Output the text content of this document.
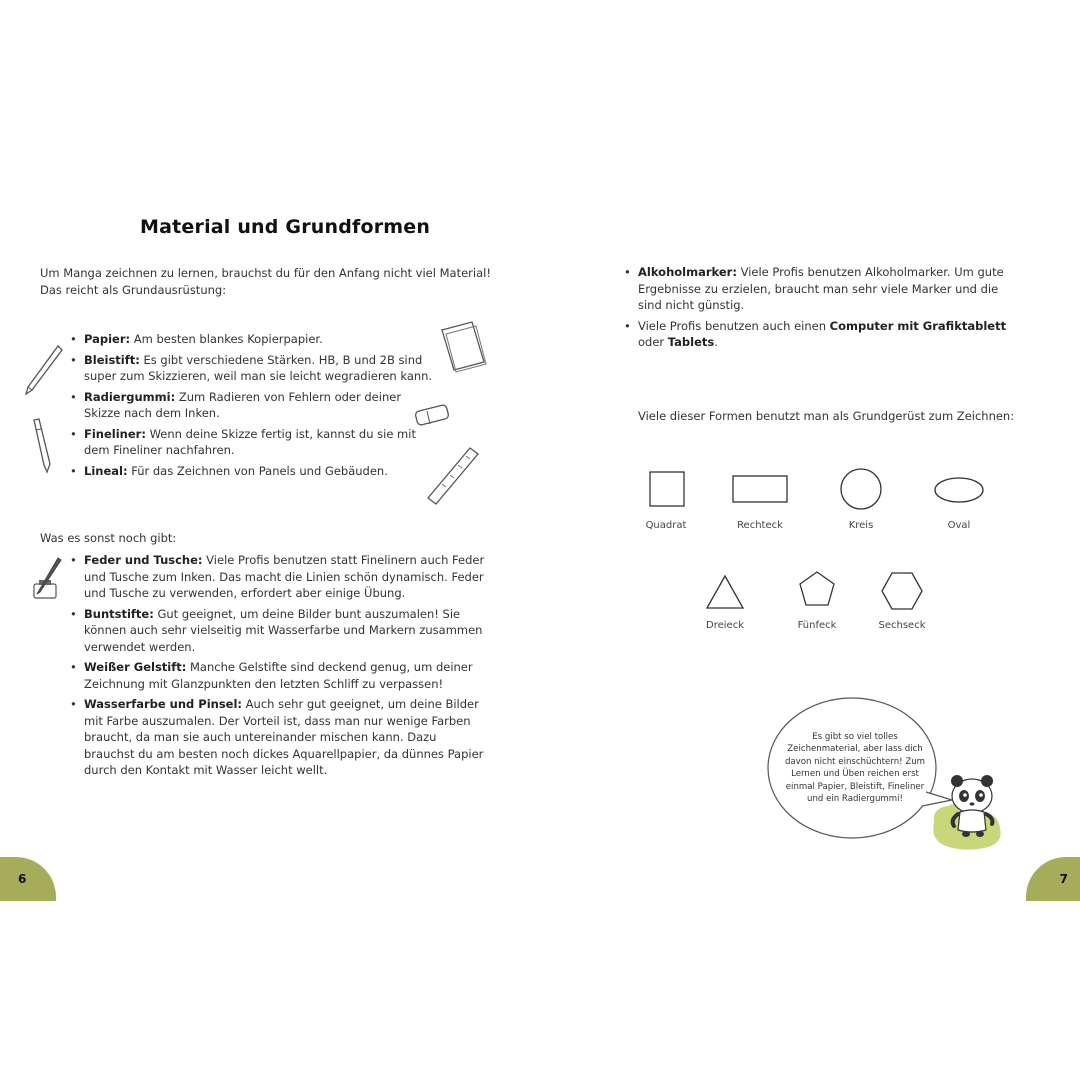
Material und Grundformen
Um Manga zeichnen zu lernen, brauchst du für den Anfang nicht viel Material! Das reicht als Grundausrüstung:
• Papier: Am besten blankes Kopierpapier.
• Bleistift: Es gibt verschiedene Stärken. HB, B und 2B sind super zum Skizzieren, weil man sie leicht wegradieren kann.
• Radiergummi: Zum Radieren von Fehlern oder deiner Skizze nach dem Inken.
• Fineliner: Wenn deine Skizze fertig ist, kannst du sie mit dem Fineliner nachfahren.
• Lineal: Für das Zeichnen von Panels und Gebäuden.
Was es sonst noch gibt:
• Feder und Tusche: Viele Profis benutzen statt Finelinern auch Feder und Tusche zum Inken. Das macht die Linien schön dynamisch. Feder und Tusche zu verwenden, erfordert aber einige Übung.
• Buntstifte: Gut geeignet, um deine Bilder bunt auszumalen! Sie können auch sehr vielseitig mit Wasserfarbe und Markern zusammen verwendet werden.
• Weißer Gelstift: Manche Gelstifte sind deckend genug, um deiner Zeichnung mit Glanzpunkten den letzten Schliff zu verpassen!
• Wasserfarbe und Pinsel: Auch sehr gut geeignet, um deine Bilder mit Farbe auszumalen. Der Vorteil ist, dass man nur wenige Farben braucht, da man sie auch untereinander mischen kann. Dazu brauchst du am besten noch dickes Aquarellpapier, da dünnes Papier durch den Kontakt mit Wasser leicht wellt.
• Alkoholmarker: Viele Profis benutzen Alkoholmarker. Um gute Ergebnisse zu erzielen, braucht man sehr viele Marker und die sind nicht günstig.
• Viele Profis benutzen auch einen Computer mit Grafiktablett oder Tablets.
Viele dieser Formen benutzt man als Grundgerüst zum Zeichnen:
Quadrat	Rechteck	Kreis	Oval
Dreieck	Fünfeck	Sechseck
Es gibt so viel tolles Zeichenmaterial, aber lass dich davon nicht einschüchtern! Zum Lernen und Üben reichen erst einmal Papier, Bleistift, Fineliner und ein Radiergummi!
6	7
